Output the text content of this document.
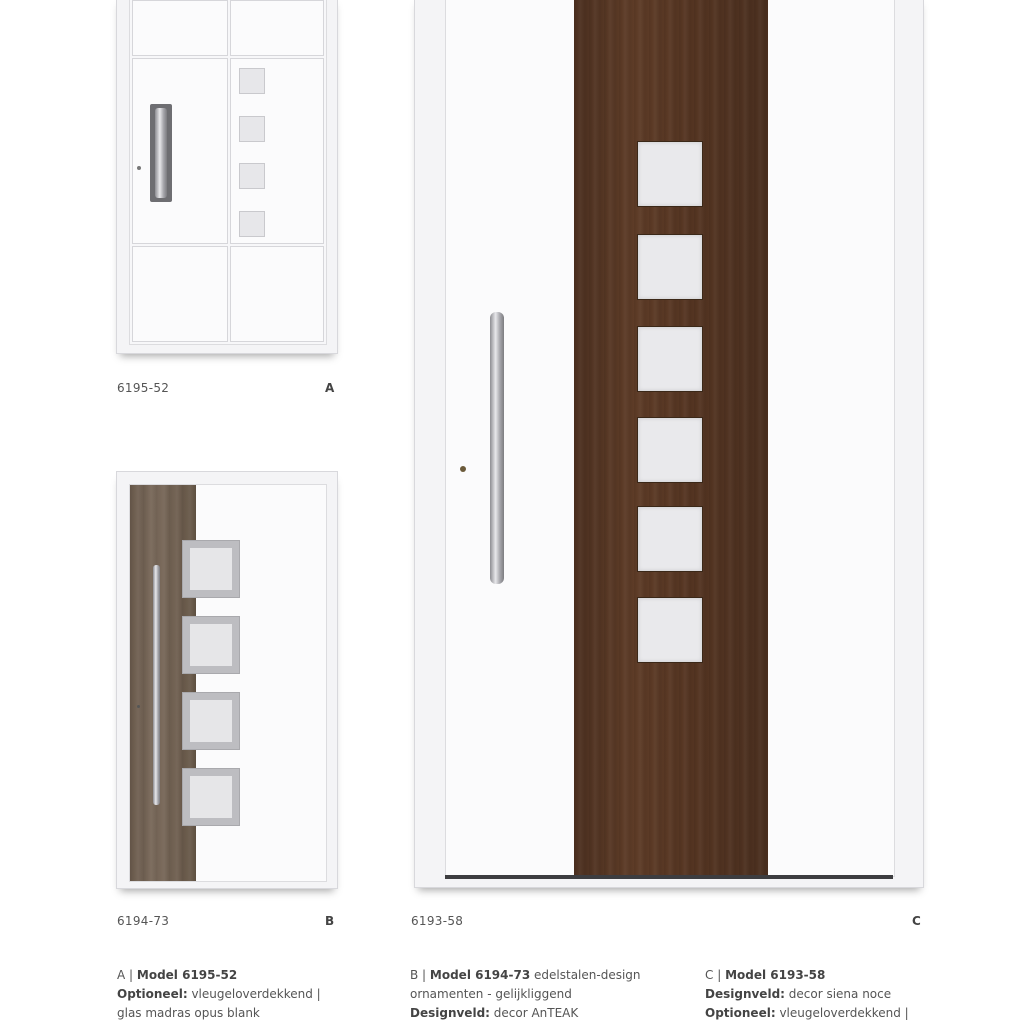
6195-52	A
6194-73	B	6193-58	C
A | Model 6195-52
Optioneel: vleugeloverdekkend |
glas madras opus blank
B | Model 6194-73 edelstalen-design
ornamenten - gelijkliggend
Designveld: decor AnTEAK
C | Model 6193-58
Designveld: decor siena noce
Optioneel: vleugeloverdekkend |
